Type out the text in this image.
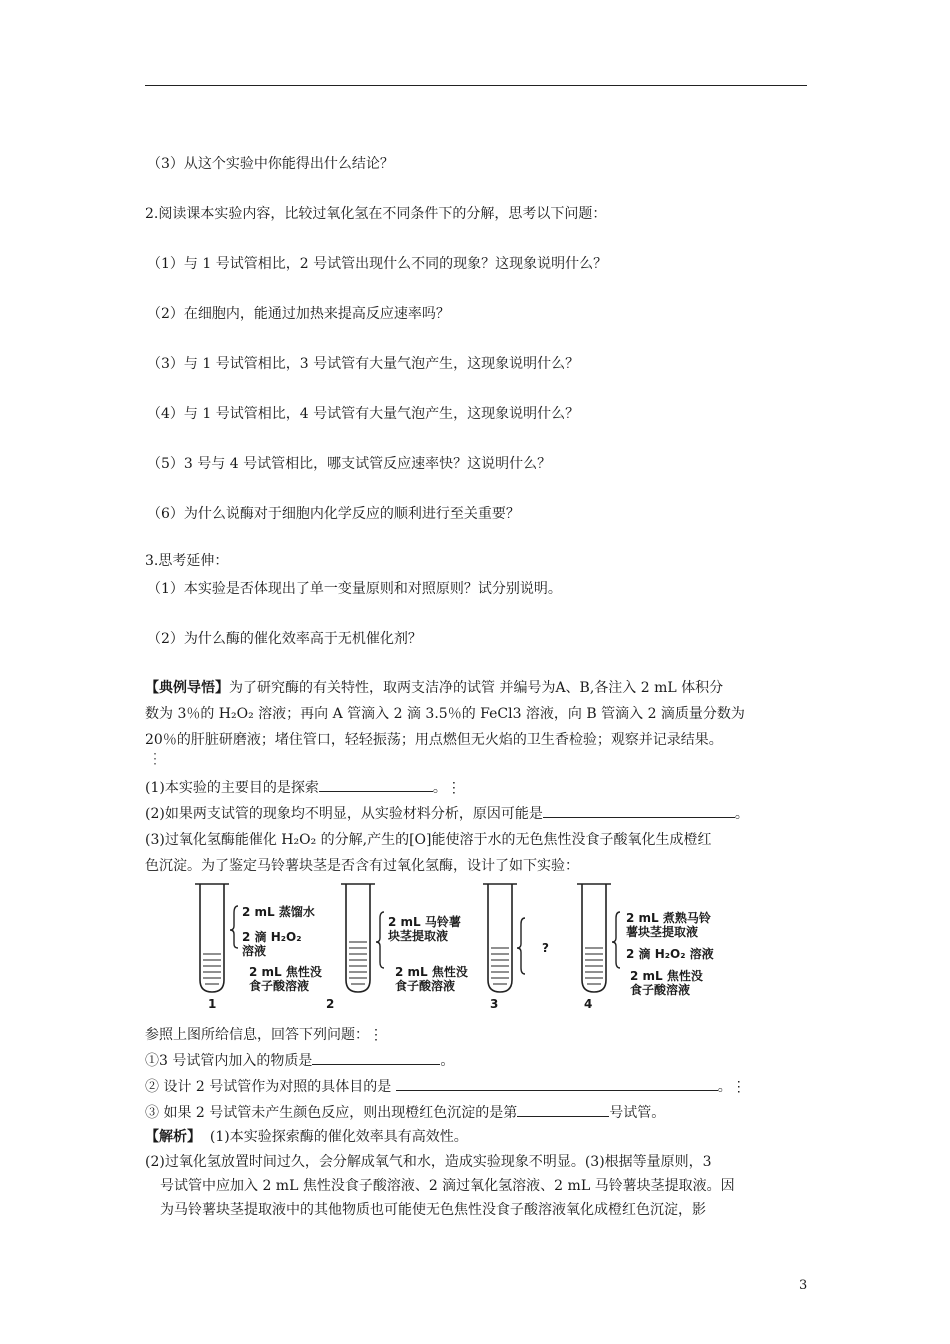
（3）从这个实验中你能得出什么结论？
2.阅读课本实验内容，比较过氧化氢在不同条件下的分解，思考以下问题：
（1）与 1 号试管相比，2 号试管出现什么不同的现象？这现象说明什么？
（2）在细胞内，能通过加热来提高反应速率吗？
（3）与 1 号试管相比，3 号试管有大量气泡产生，这现象说明什么？
（4）与 1 号试管相比，4 号试管有大量气泡产生，这现象说明什么？
（5）3 号与 4 号试管相比，哪支试管反应速率快？这说明什么？
（6）为什么说酶对于细胞内化学反应的顺利进行至关重要？
3.思考延伸：
（1）本实验是否体现出了单一变量原则和对照原则？试分别说明。
（2）为什么酶的催化效率高于无机催化剂？
【典例导悟】为了研究酶的有关特性，取两支洁净的试管 并编号为A、B,各注入 2 mL 体积分
数为 3％的 H₂O₂ 溶液；再向 A 管滴入 2 滴 3.5％的 FeCl3 溶液，向 B 管滴入 2 滴质量分数为
20％的肝脏研磨液；堵住管口，轻轻振荡；用点燃但无火焰的卫生香检验；观察并记录结果。
⋮
(1)本实验的主要目的是探索	。⋮
(2)如果两支试管的现象均不明显，从实验材料分析，原因可能是	。
(3)过氧化氢酶能催化 H₂O₂ 的分解,产生的[O]能使溶于水的无色焦性没食子酸氧化生成橙红
色沉淀。为了鉴定马铃薯块茎是否含有过氧化氢酶，设计了如下实验：
2 mL 蒸馏水
2 滴 H₂O₂
溶液
2 mL 焦性没
食子酸溶液
1
2 mL 马铃薯
块茎提取液
2 mL 焦性没
食子酸溶液
2
?
3
2 mL 煮熟马铃
薯块茎提取液
2 滴 H₂O₂ 溶液
2 mL 焦性没
食子酸溶液
4
参照上图所给信息，回答下列问题：⋮
①3 号试管内加入的物质是	。
② 设计 2 号试管作为对照的具体目的是	。⋮
③ 如果 2 号试管未产生颜色反应，则出现橙红色沉淀的是第	号试管。
【解析】 (1)本实验探索酶的催化效率具有高效性。
(2)过氧化氢放置时间过久，会分解成氧气和水，造成实验现象不明显。(3)根据等量原则，3
号试管中应加入 2 mL 焦性没食子酸溶液、2 滴过氧化氢溶液、2 mL 马铃薯块茎提取液。因
为马铃薯块茎提取液中的其他物质也可能使无色焦性没食子酸溶液氧化成橙红色沉淀，影
3
